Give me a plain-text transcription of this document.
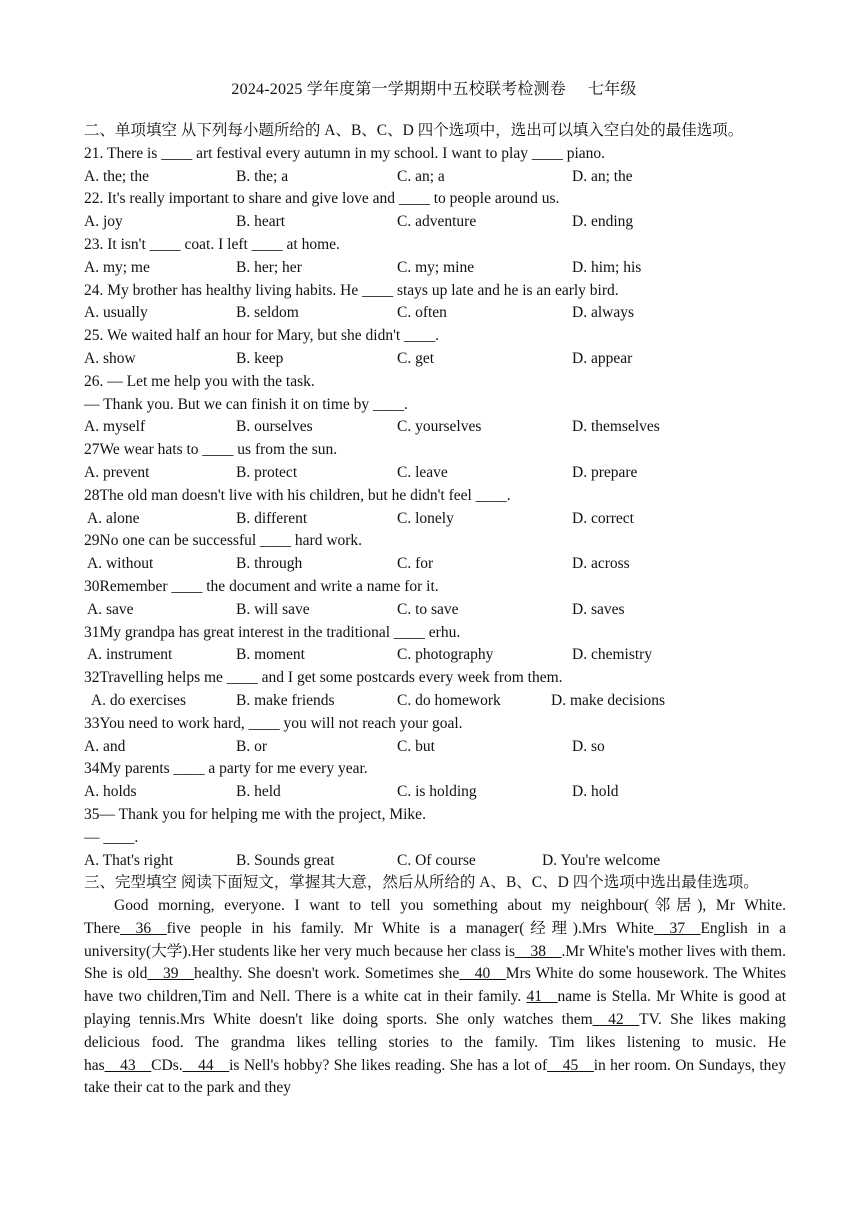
2024-2025 学年度第一学期期中五校联考检测卷 七年级
二、单项填空 从下列每小题所给的 A、B、C、D 四个选项中，选出可以填入空白处的最佳选项。
21. There is ____ art festival every autumn in my school. I want to play ____ piano.
A. the; the	B. the; a	C. an; a	D. an; the
22. It's really important to share and give love and ____ to people around us.
A. joy	B. heart	C. adventure	D. ending
23. It isn't ____ coat. I left ____ at home.
A. my; me	B. her; her	C. my; mine	D. him; his
24. My brother has healthy living habits. He ____ stays up late and he is an early bird.
A. usually	B. seldom	C. often	D. always
25. We waited half an hour for Mary, but she didn't ____.
A. show	B. keep	C. get	D. appear
26. — Let me help you with the task.
— Thank you. But we can finish it on time by ____.
A. myself	B. ourselves	C. yourselves	D. themselves
27We wear hats to ____ us from the sun.
A. prevent	B. protect	C. leave	D. prepare
28The old man doesn't live with his children, but he didn't feel ____.
A. alone	B. different	C. lonely	D. correct
29No one can be successful ____ hard work.
A. without	B. through	C. for	D. across
30Remember ____ the document and write a name for it.
A. save	B. will save	C. to save	D. saves
31My grandpa has great interest in the traditional ____ erhu.
A. instrument	B. moment	C. photography	D. chemistry
32Travelling helps me ____ and I get some postcards every week from them.
A. do exercises	B. make friends	C. do homework	D. make decisions
33You need to work hard, ____ you will not reach your goal.
A. and	B. or	C. but	D. so
34My parents ____ a party for me every year.
A. holds	B. held	C. is holding	D. hold
35— Thank you for helping me with the project, Mike.
— ____.
A. That's right	B. Sounds great	C. Of course	D. You're welcome
三、完型填空 阅读下面短文，掌握其大意，然后从所给的 A、B、C、D 四个选项中选出最佳选项。
Good morning, everyone. I want to tell you something about my neighbour(邻居), Mr White. There__36__five people in his family. Mr White is a manager(经理).Mrs White__37__English in a university(大学).Her students like her very much because her class is__38__.Mr White's mother lives with them. She is old__39__healthy. She doesn't work. Sometimes she__40__Mrs White do some housework. The Whites have two children,Tim and Nell. There is a white cat in their family. 41__name is Stella. Mr White is good at playing tennis.Mrs White doesn't like doing sports. She only watches them__42__TV. She likes making delicious food. The grandma likes telling stories to the family. Tim likes listening to music. He has__43__CDs.__44__is Nell's hobby? She likes reading. She has a lot of__45__in her room. On Sundays, they take their cat to the park and they
